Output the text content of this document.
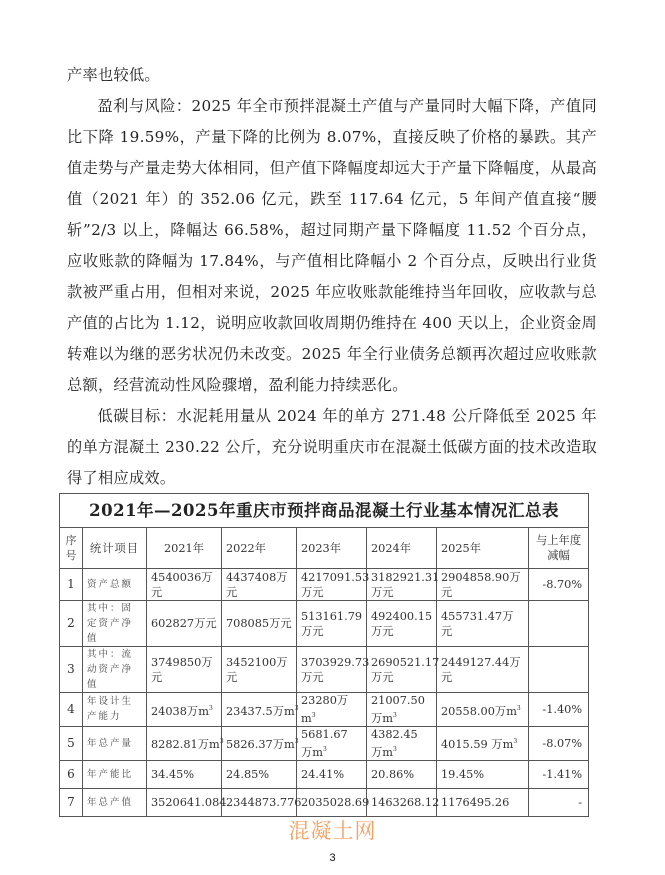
产率也较低。

盈利与风险：2025 年全市预拌混凝土产值与产量同时大幅下降，产值同比下降 19.59%，产量下降的比例为 8.07%，直接反映了价格的暴跌。其产值走势与产量走势大体相同，但产值下降幅度却远大于产量下降幅度，从最高值（2021 年）的 352.06 亿元，跌至 117.64 亿元，5 年间产值直接“腰斩”2/3 以上，降幅达 66.58%，超过同期产量下降幅度 11.52 个百分点，应收账款的降幅为 17.84%，与产值相比降幅小 2 个百分点，反映出行业货款被严重占用，但相对来说，2025 年应收账款能维持当年回收，应收款与总产值的占比为 1.12，说明应收款回收周期仍维持在 400 天以上，企业资金周转难以为继的恶劣状况仍未改变。2025 年全行业债务总额再次超过应收账款总额，经营流动性风险骤增，盈利能力持续恶化。

低碳目标：水泥耗用量从 2024 年的单方 271.48 公斤降低至 2025 年的单方混凝土 230.22 公斤，充分说明重庆市在混凝土低碳方面的技术改造取得了相应成效。

2021年—2025年重庆市预拌商品混凝土行业基本情况汇总表							
序号	统计项目	2021年	2022年	2023年	2024年	2025年	与上年度减幅
1	资产总额	4540036万元	4437408万元	4217091.53万元	3182921.31万元	2904858.90万元	-8.70%
2	其中：固定资产净值	602827万元	708085万元	513161.79万元	492400.15万元	455731.47万元	
3	其中：流动资产净值	3749850万元	3452100万元	3703929.73万元	2690521.17万元	2449127.44万元	
4	年设计生产能力	24038万$m^3$	23437.5万$m^3$	23280万$m^3$	21007.50万$m^3$	20558.00万$m^3$	-1.40%
5	年总产量	8282.81万$m^3$	5826.37万$m^3$	5681.67 万$m^3$	4382.45 万$m^3$	4015.59 万$m^3$	-8.07%
6	年产能比	34.45%	24.85%	24.41%	20.86%	19.45%	-1.41%
7	年总产值	3520641.084	2344873.776	2035028.69	1463268.12	1176495.26	-
混凝土网
3
